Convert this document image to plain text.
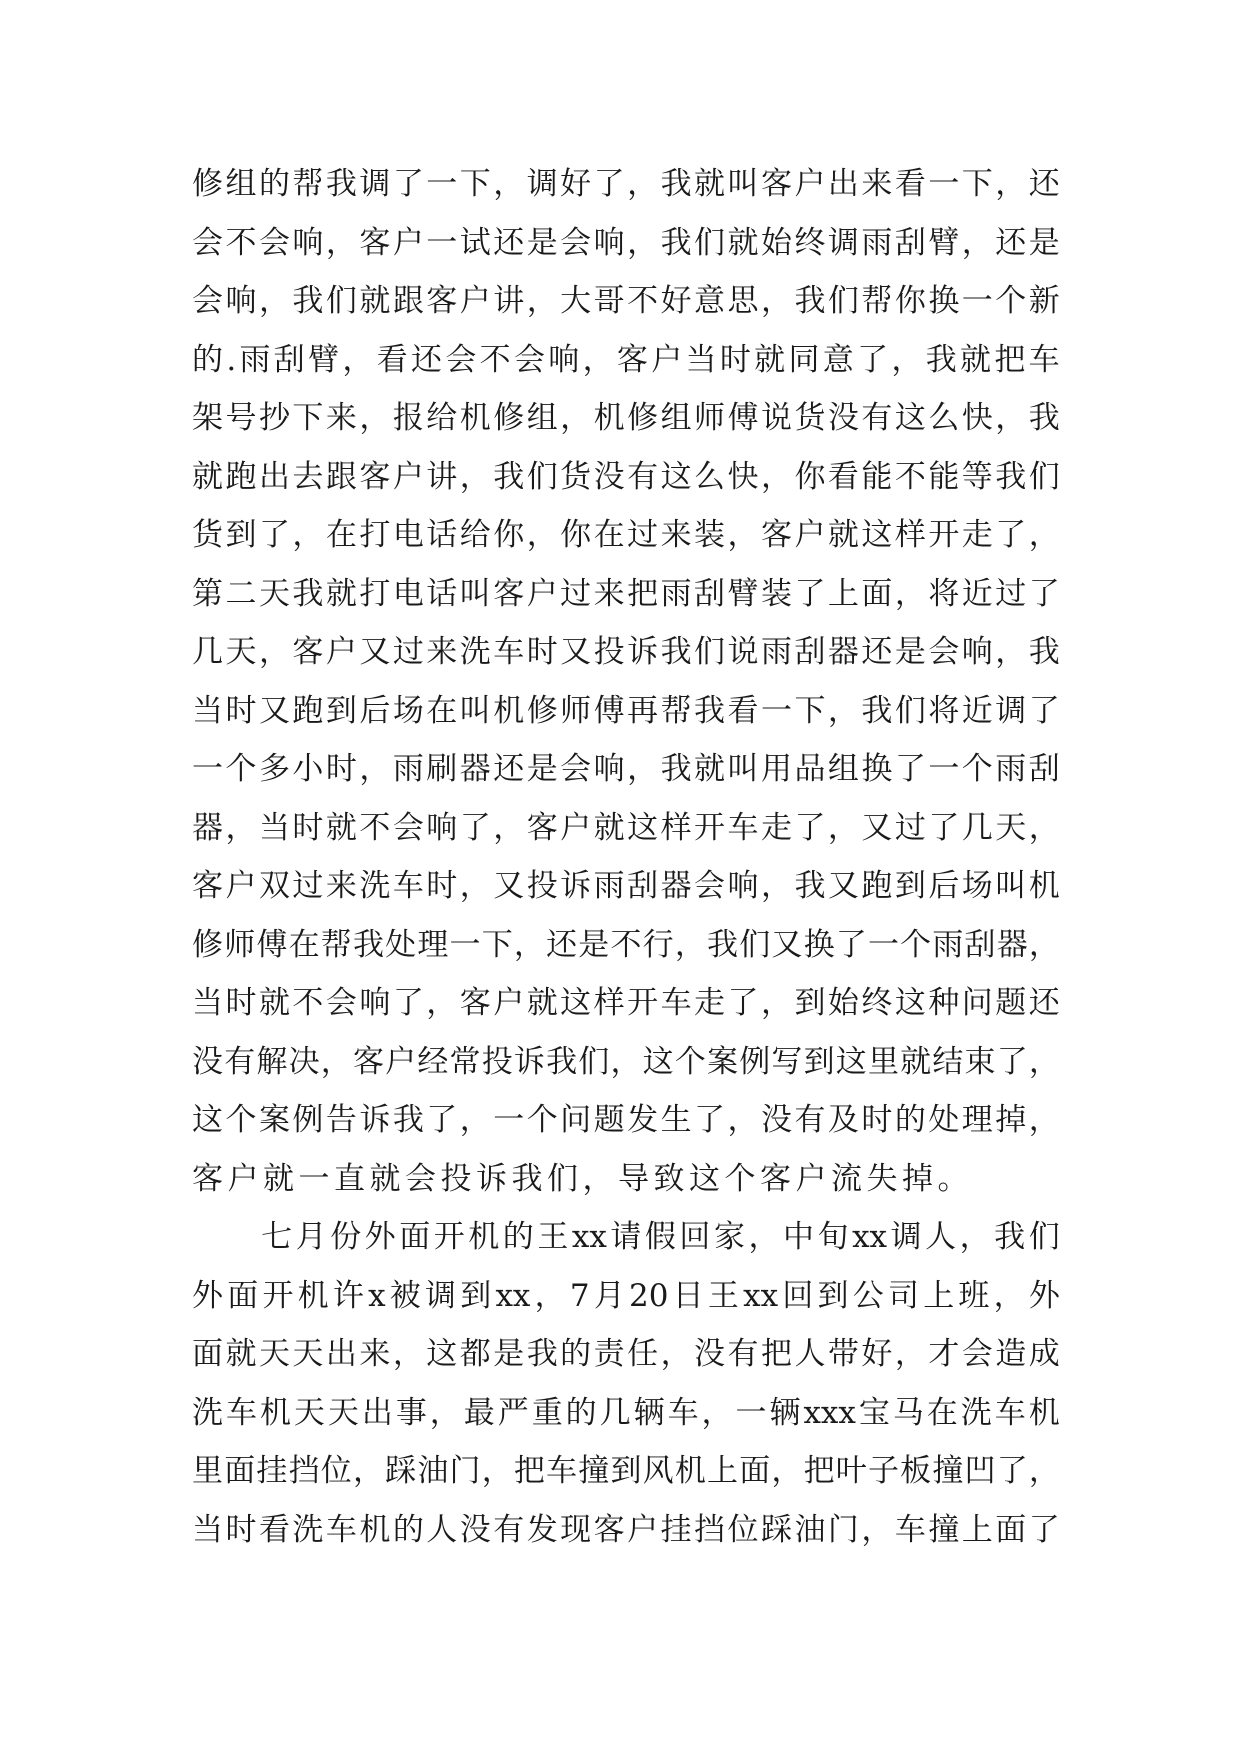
修 组 的 帮 我 调 了 一 下 ， 调 好 了 ， 我 就 叫 客 户 出 来 看 一 下 ， 还
会 不 会 响 ， 客 户 一 试 还 是 会 响 ， 我 们 就 始 终 调 雨 刮 臂 ， 还 是
会 响 ， 我 们 就 跟 客 户 讲 ， 大 哥 不 好 意 思 ， 我 们 帮 你 换 一 个 新
的 . 雨 刮 臂 ， 看 还 会 不 会 响 ， 客 户 当 时 就 同 意 了 ， 我 就 把 车
架 号 抄 下 来 ， 报 给 机 修 组 ， 机 修 组 师 傅 说 货 没 有 这 么 快 ， 我
就 跑 出 去 跟 客 户 讲 ， 我 们 货 没 有 这 么 快 ， 你 看 能 不 能 等 我 们
货 到 了 ， 在 打 电 话 给 你 ， 你 在 过 来 装 ， 客 户 就 这 样 开 走 了 ，
第 二 天 我 就 打 电 话 叫 客 户 过 来 把 雨 刮 臂 装 了 上 面 ， 将 近 过 了
几 天 ， 客 户 又 过 来 洗 车 时 又 投 诉 我 们 说 雨 刮 器 还 是 会 响 ， 我
当 时 又 跑 到 后 场 在 叫 机 修 师 傅 再 帮 我 看 一 下 ， 我 们 将 近 调 了
一 个 多 小 时 ， 雨 刷 器 还 是 会 响 ， 我 就 叫 用 品 组 换 了 一 个 雨 刮
器 ， 当 时 就 不 会 响 了 ， 客 户 就 这 样 开 车 走 了 ， 又 过 了 几 天 ，
客 户 双 过 来 洗 车 时 ， 又 投 诉 雨 刮 器 会 响 ， 我 又 跑 到 后 场 叫 机
修 师 傅 在 帮 我 处 理 一 下 ， 还 是 不 行 ， 我 们 又 换 了 一 个 雨 刮 器 ，
当 时 就 不 会 响 了 ， 客 户 就 这 样 开 车 走 了 ， 到 始 终 这 种 问 题 还
没 有 解 决 ， 客 户 经 常 投 诉 我 们 ， 这 个 案 例 写 到 这 里 就 结 束 了 ，
这 个 案 例 告 诉 我 了 ， 一 个 问 题 发 生 了 ， 没 有 及 时 的 处 理 掉 ，
客户就一直就会投诉我们，导致这个客户流失掉。

七 月 份 外 面 开 机 的 王 xx 请 假 回 家 ， 中 旬 xx 调 人 ， 我 们
外 面 开 机 许 x 被 调 到 xx ， 7 月 20 日 王 xx 回 到 公 司 上 班 ， 外
面 就 天 天 出 来 ， 这 都 是 我 的 责 任 ， 没 有 把 人 带 好 ， 才 会 造 成
洗 车 机 天 天 出 事 ， 最 严 重 的 几 辆 车 ， 一 辆 xxx 宝 马 在 洗 车 机
里 面 挂 挡 位 ， 踩 油 门 ， 把 车 撞 到 风 机 上 面 ， 把 叶 子 板 撞 凹 了 ，
当 时 看 洗 车 机 的 人 没 有 发 现 客 户 挂 挡 位 踩 油 门 ， 车 撞 上 面 了
